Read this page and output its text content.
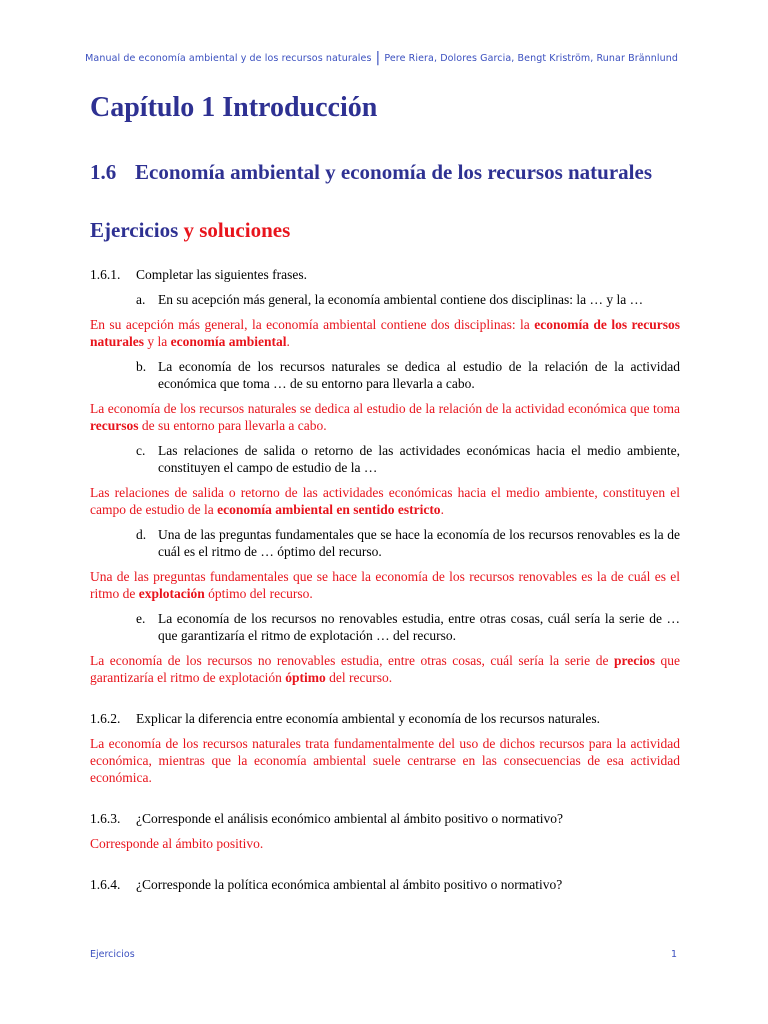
Manual de economía ambiental y de los recursos naturales | Pere Riera, Dolores Garcia, Bengt Kriström, Runar Brännlund
Capítulo 1 Introducción
1.6 Economía ambiental y economía de los recursos naturales
Ejercicios y soluciones

1.6.1. Completar las siguientes frases.

a. En su acepción más general, la economía ambiental contiene dos disciplinas: la … y la …

En su acepción más general, la economía ambiental contiene dos disciplinas: la economía de los recursos naturales y la economía ambiental.

b. La economía de los recursos naturales se dedica al estudio de la relación de la actividad económica que toma … de su entorno para llevarla a cabo.

La economía de los recursos naturales se dedica al estudio de la relación de la actividad económica que toma recursos de su entorno para llevarla a cabo.

c. Las relaciones de salida o retorno de las actividades económicas hacia el medio ambiente, constituyen el campo de estudio de la …

Las relaciones de salida o retorno de las actividades económicas hacia el medio ambiente, constituyen el campo de estudio de la economía ambiental en sentido estricto.

d. Una de las preguntas fundamentales que se hace la economía de los recursos renovables es la de cuál es el ritmo de … óptimo del recurso.

Una de las preguntas fundamentales que se hace la economía de los recursos renovables es la de cuál es el ritmo de explotación óptimo del recurso.

e. La economía de los recursos no renovables estudia, entre otras cosas, cuál sería la serie de … que garantizaría el ritmo de explotación … del recurso.

La economía de los recursos no renovables estudia, entre otras cosas, cuál sería la serie de precios que garantizaría el ritmo de explotación óptimo del recurso.

1.6.2. Explicar la diferencia entre economía ambiental y economía de los recursos naturales.

La economía de los recursos naturales trata fundamentalmente del uso de dichos recursos para la actividad económica, mientras que la economía ambiental suele centrarse en las consecuencias de esa actividad económica.

1.6.3. ¿Corresponde el análisis económico ambiental al ámbito positivo o normativo?

Corresponde al ámbito positivo.

1.6.4. ¿Corresponde la política económica ambiental al ámbito positivo o normativo?

Ejercicios	1
